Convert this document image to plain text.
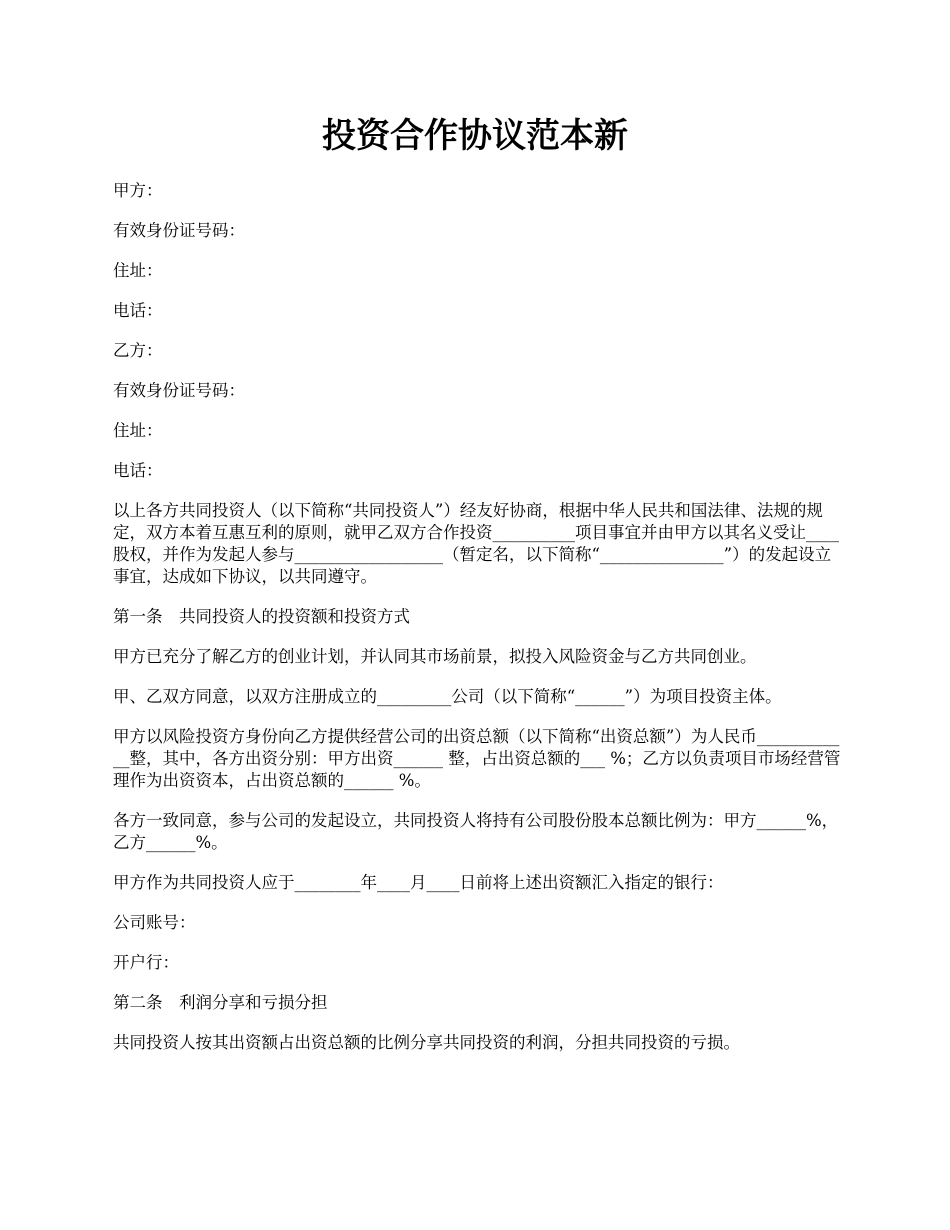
投资合作协议范本新

甲方：

有效身份证号码：

住址：

电话：

乙方：

有效身份证号码：

住址：

电话：

以上各方共同投资人（以下简称“共同投资人”）经友好协商，根据中华人民共和国法律、法规的规定，双方本着互惠互利的原则，就甲乙双方合作投资__________项目事宜并由甲方以其名义受让____股权，并作为发起人参与__________________（暂定名，以下简称“_______________”）的发起设立事宜，达成如下协议，以共同遵守。

第一条　共同投资人的投资额和投资方式

甲方已充分了解乙方的创业计划，并认同其市场前景，拟投入风险资金与乙方共同创业。

甲、乙双方同意，以双方注册成立的_________公司（以下简称“______”）为项目投资主体。

甲方以风险投资方身份向乙方提供经营公司的出资总额（以下简称“出资总额”）为人民币____________整，其中，各方出资分别：甲方出资______ 整，占出资总额的___ %；乙方以负责项目市场经营管理作为出资资本，占出资总额的______ %。

各方一致同意，参与公司的发起设立，共同投资人将持有公司股份股本总额比例为：甲方______%，乙方______%。

甲方作为共同投资人应于________年____月____日前将上述出资额汇入指定的银行：

公司账号：

开户行：

第二条　利润分享和亏损分担

共同投资人按其出资额占出资总额的比例分享共同投资的利润，分担共同投资的亏损。
